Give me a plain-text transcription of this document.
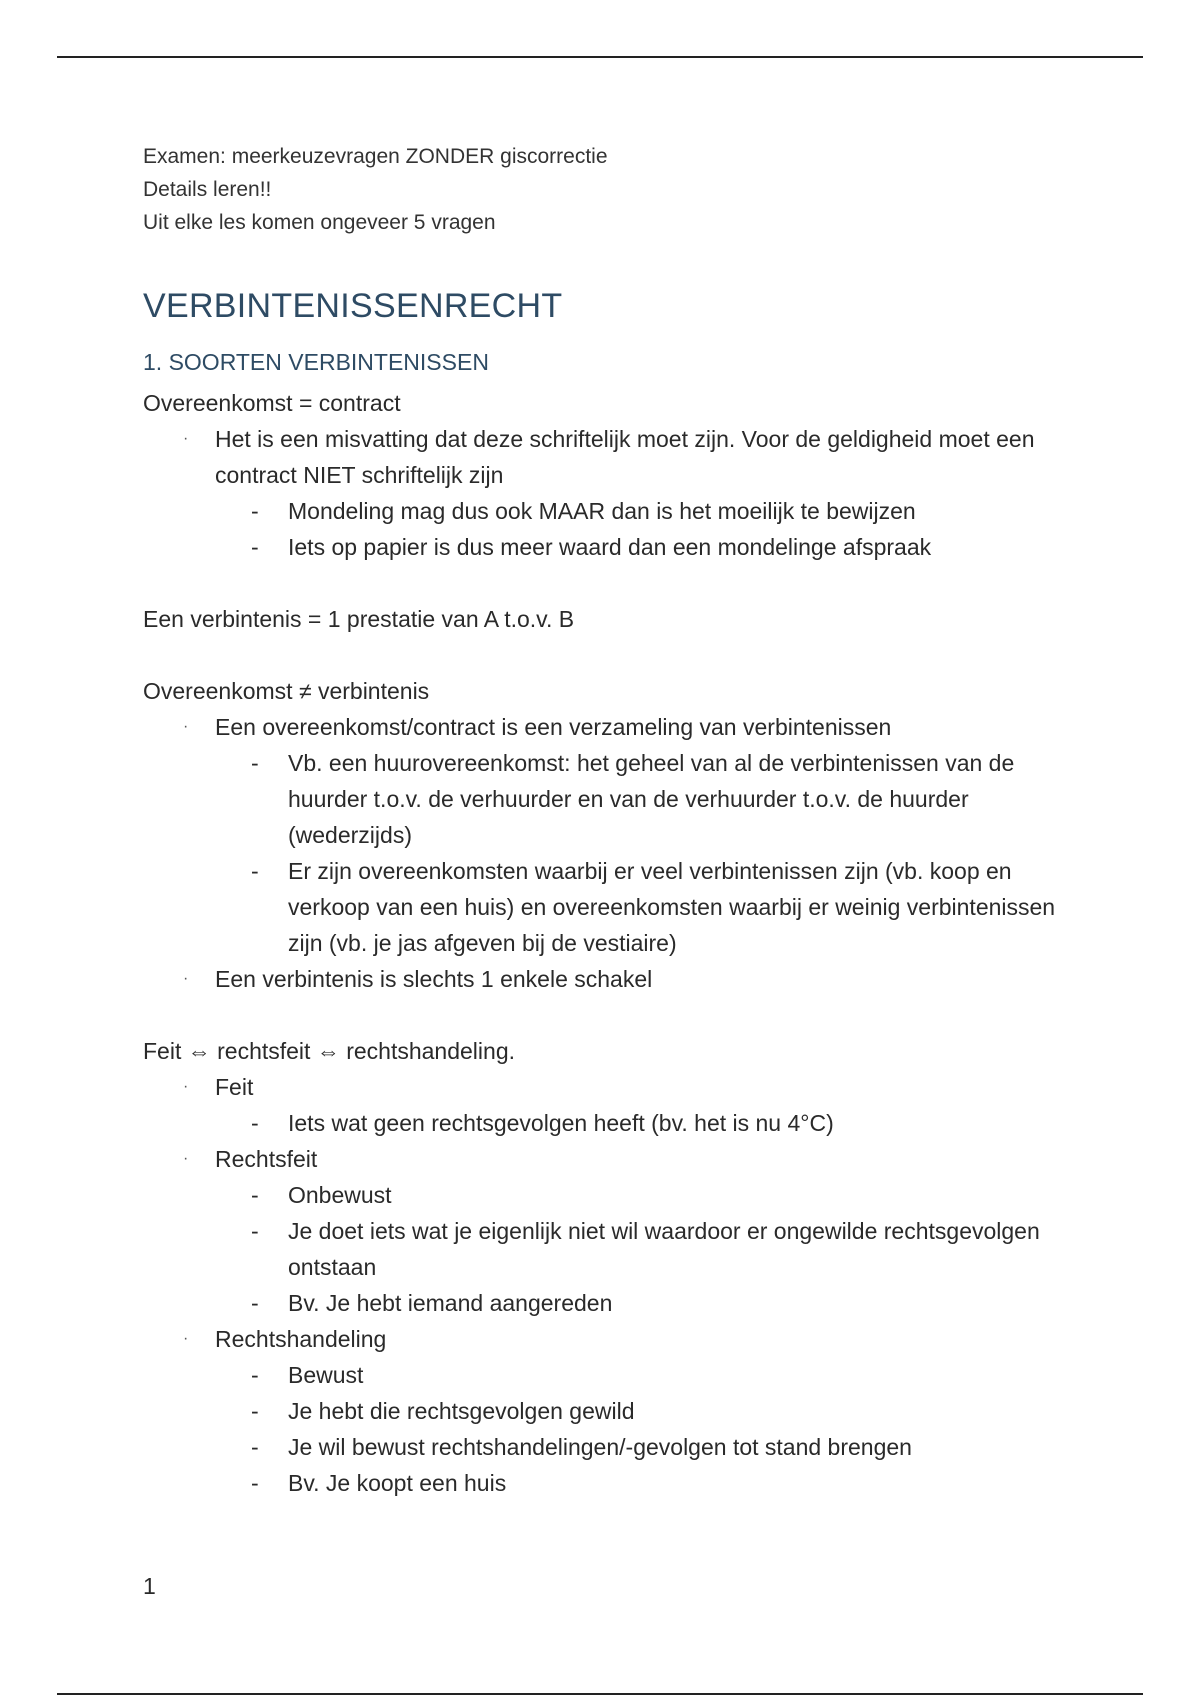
Examen: meerkeuzevragen ZONDER giscorrectie
Details leren!!
Uit elke les komen ongeveer 5 vragen
VERBINTENISSENRECHT
1. SOORTEN VERBINTENISSEN
Overeenkomst = contract
·	Het is een misvatting dat deze schriftelijk moet zijn. Voor de geldigheid moet een contract NIET schriftelijk zijn
-	Mondeling mag dus ook MAAR dan is het moeilijk te bewijzen
-	Iets op papier is dus meer waard dan een mondelinge afspraak
Een verbintenis = 1 prestatie van A t.o.v. B
Overeenkomst ≠ verbintenis
·	Een overeenkomst/contract is een verzameling van verbintenissen
-	Vb. een huurovereenkomst: het geheel van al de verbintenissen van de huurder t.o.v. de verhuurder en van de verhuurder t.o.v. de huurder (wederzijds)
-	Er zijn overeenkomsten waarbij er veel verbintenissen zijn (vb. koop en verkoop van een huis) en overeenkomsten waarbij er weinig verbintenissen zijn (vb. je jas afgeven bij de vestiaire)
·	Een verbintenis is slechts 1 enkele schakel
Feit ⇔ rechtsfeit ⇔ rechtshandeling.
·	Feit
-	Iets wat geen rechtsgevolgen heeft (bv. het is nu 4°C)
·	Rechtsfeit
-	Onbewust
-	Je doet iets wat je eigenlijk niet wil waardoor er ongewilde rechtsgevolgen ontstaan
-	Bv. Je hebt iemand aangereden
·	Rechtshandeling
-	Bewust
-	Je hebt die rechtsgevolgen gewild
-	Je wil bewust rechtshandelingen/-gevolgen tot stand brengen
-	Bv. Je koopt een huis
1
